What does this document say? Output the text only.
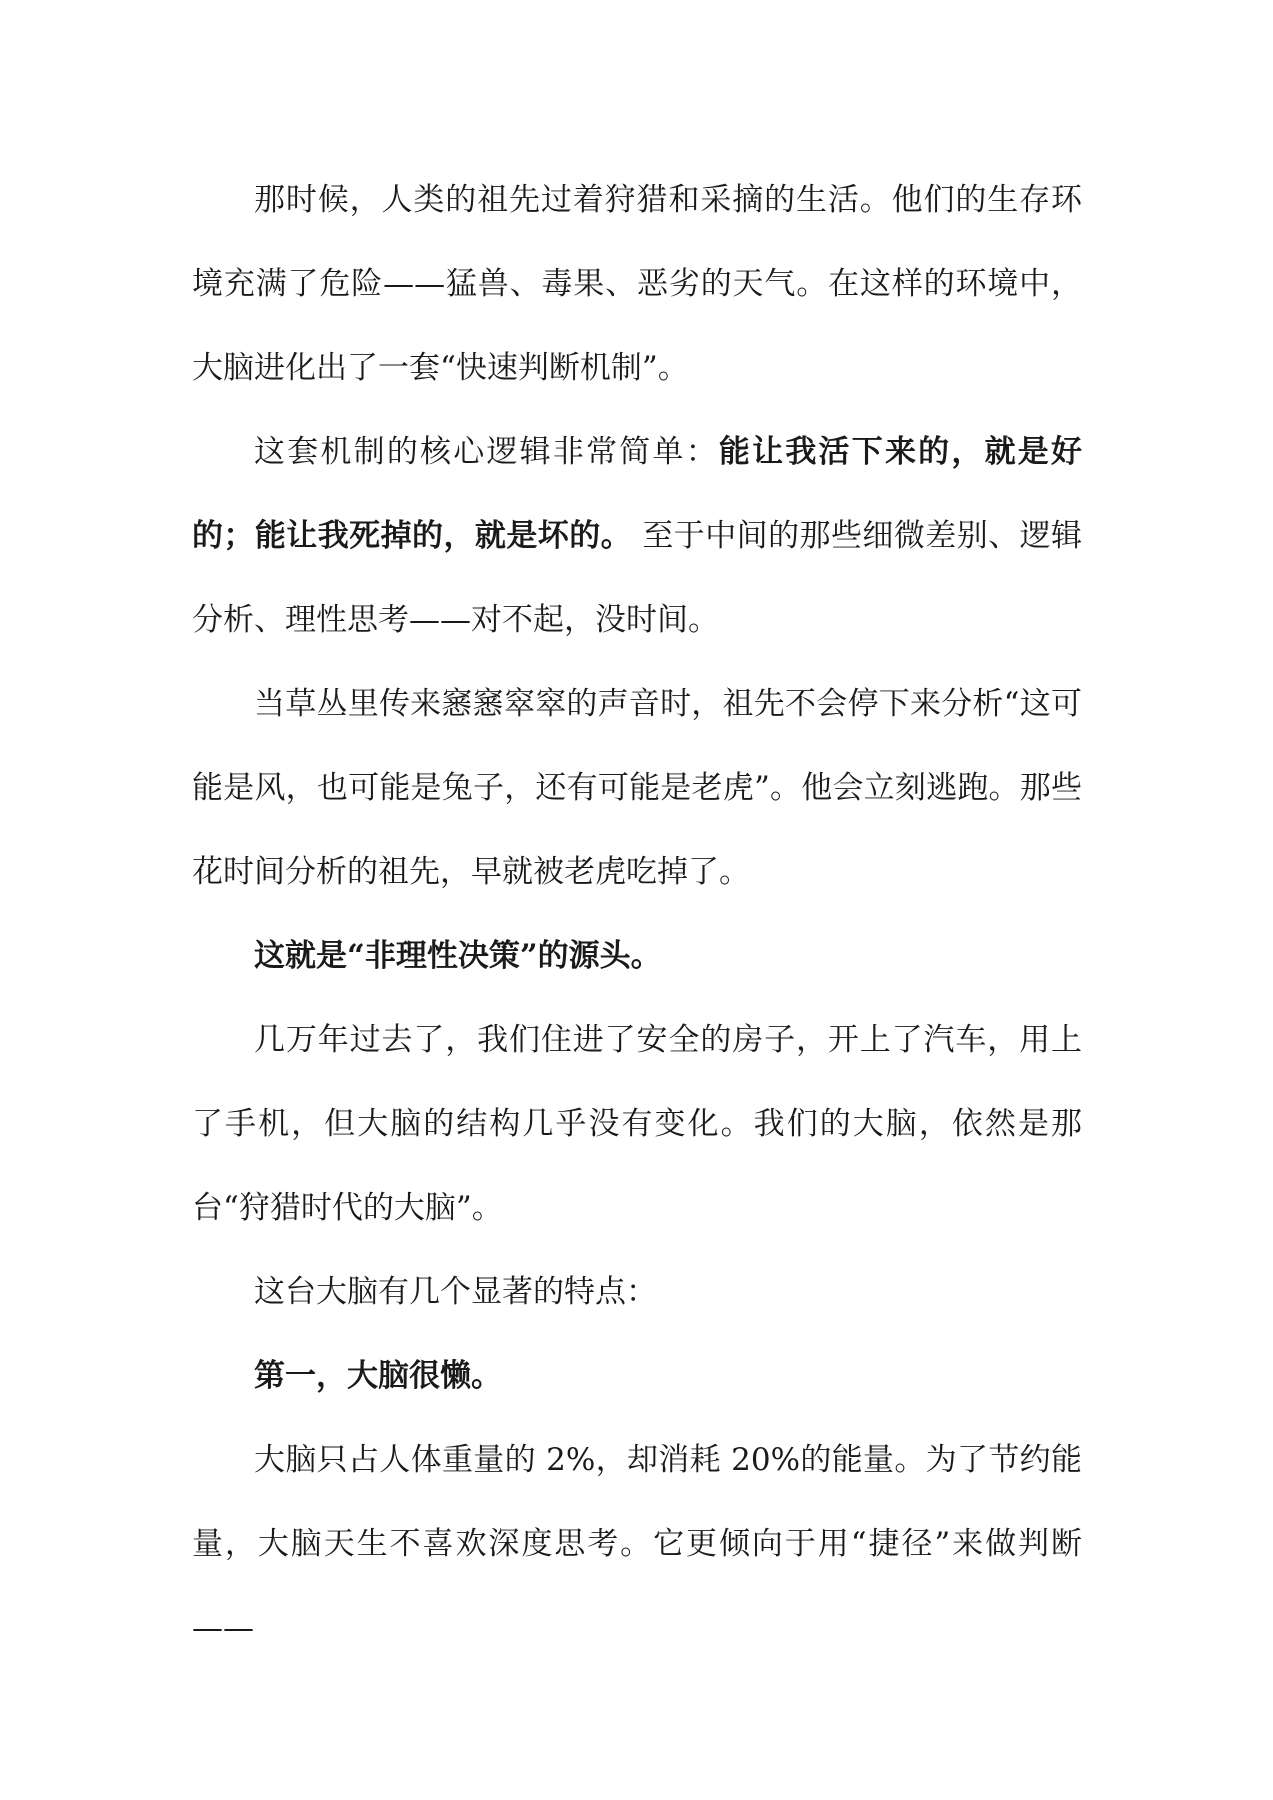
那时候，人类的祖先过着狩猎和采摘的生活。他们的生存环境充满了危险——猛兽、毒果、恶劣的天气。在这样的环境中，大脑进化出了一套“快速判断机制”。

这套机制的核心逻辑非常简单：能让我活下来的，就是好的；能让我死掉的，就是坏的。 至于中间的那些细微差别、逻辑分析、理性思考——对不起，没时间。

当草丛里传来窸窸窣窣的声音时，祖先不会停下来分析“这可能是风，也可能是兔子，还有可能是老虎”。他会立刻逃跑。那些花时间分析的祖先，早就被老虎吃掉了。

这就是“非理性决策”的源头。

几万年过去了，我们住进了安全的房子，开上了汽车，用上了手机，但大脑的结构几乎没有变化。我们的大脑，依然是那台“狩猎时代的大脑”。

这台大脑有几个显著的特点：

第一，大脑很懒。

大脑只占人体重量的 2%，却消耗 20%的能量。为了节约能量，大脑天生不喜欢深度思考。它更倾向于用“捷径”来做判断——
